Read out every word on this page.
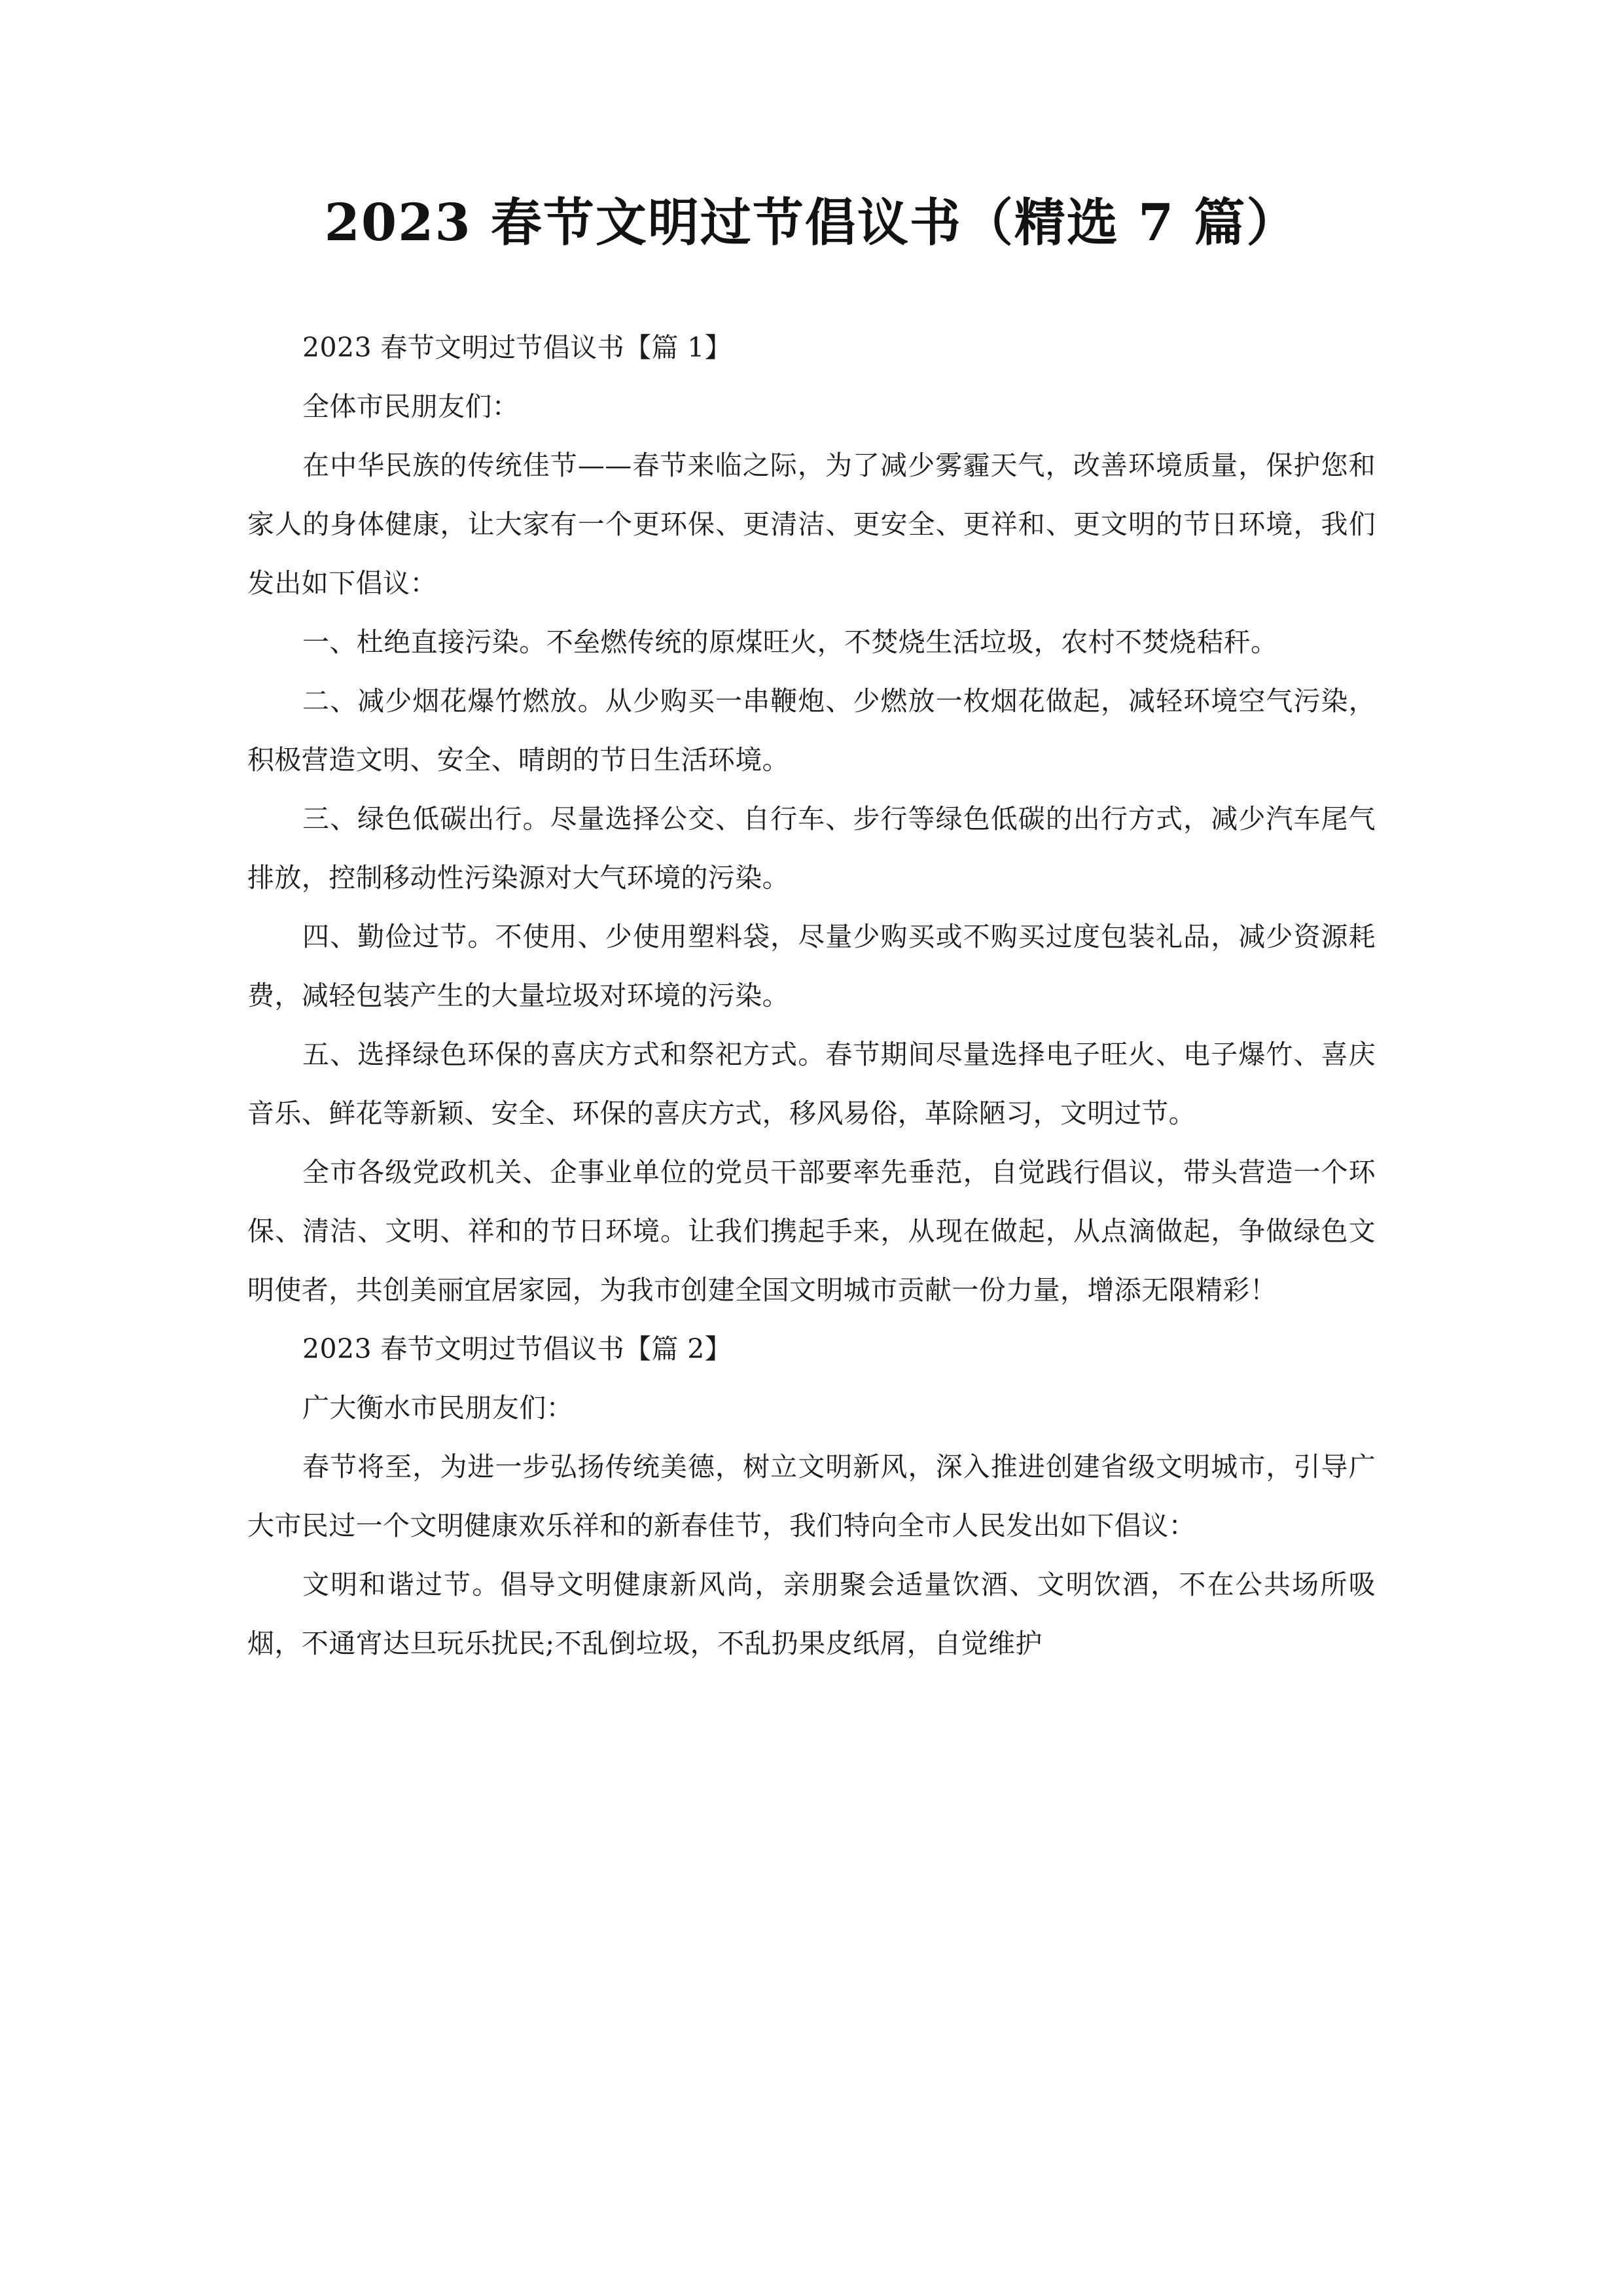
2023 春节文明过节倡议书（精选 7 篇）

2023 春节文明过节倡议书【篇 1】

全体市民朋友们：

在中华民族的传统佳节——春节来临之际，为了减少雾霾天气，改善环境质量，保护您和家人的身体健康，让大家有一个更环保、更清洁、更安全、更祥和、更文明的节日环境，我们发出如下倡议：

一、杜绝直接污染。不垒燃传统的原煤旺火，不焚烧生活垃圾，农村不焚烧秸秆。

二、减少烟花爆竹燃放。从少购买一串鞭炮、少燃放一枚烟花做起，减轻环境空气污染，积极营造文明、安全、晴朗的节日生活环境。

三、绿色低碳出行。尽量选择公交、自行车、步行等绿色低碳的出行方式，减少汽车尾气排放，控制移动性污染源对大气环境的污染。

四、勤俭过节。不使用、少使用塑料袋，尽量少购买或不购买过度包装礼品，减少资源耗费，减轻包装产生的大量垃圾对环境的污染。

五、选择绿色环保的喜庆方式和祭祀方式。春节期间尽量选择电子旺火、电子爆竹、喜庆音乐、鲜花等新颖、安全、环保的喜庆方式，移风易俗，革除陋习，文明过节。

全市各级党政机关、企事业单位的党员干部要率先垂范，自觉践行倡议，带头营造一个环保、清洁、文明、祥和的节日环境。让我们携起手来，从现在做起，从点滴做起，争做绿色文明使者，共创美丽宜居家园，为我市创建全国文明城市贡献一份力量，增添无限精彩！

2023 春节文明过节倡议书【篇 2】

广大衡水市民朋友们：

春节将至，为进一步弘扬传统美德，树立文明新风，深入推进创建省级文明城市，引导广大市民过一个文明健康欢乐祥和的新春佳节，我们特向全市人民发出如下倡议：

文明和谐过节。倡导文明健康新风尚，亲朋聚会适量饮酒、文明饮酒，不在公共场所吸烟，不通宵达旦玩乐扰民;不乱倒垃圾，不乱扔果皮纸屑，自觉维护
